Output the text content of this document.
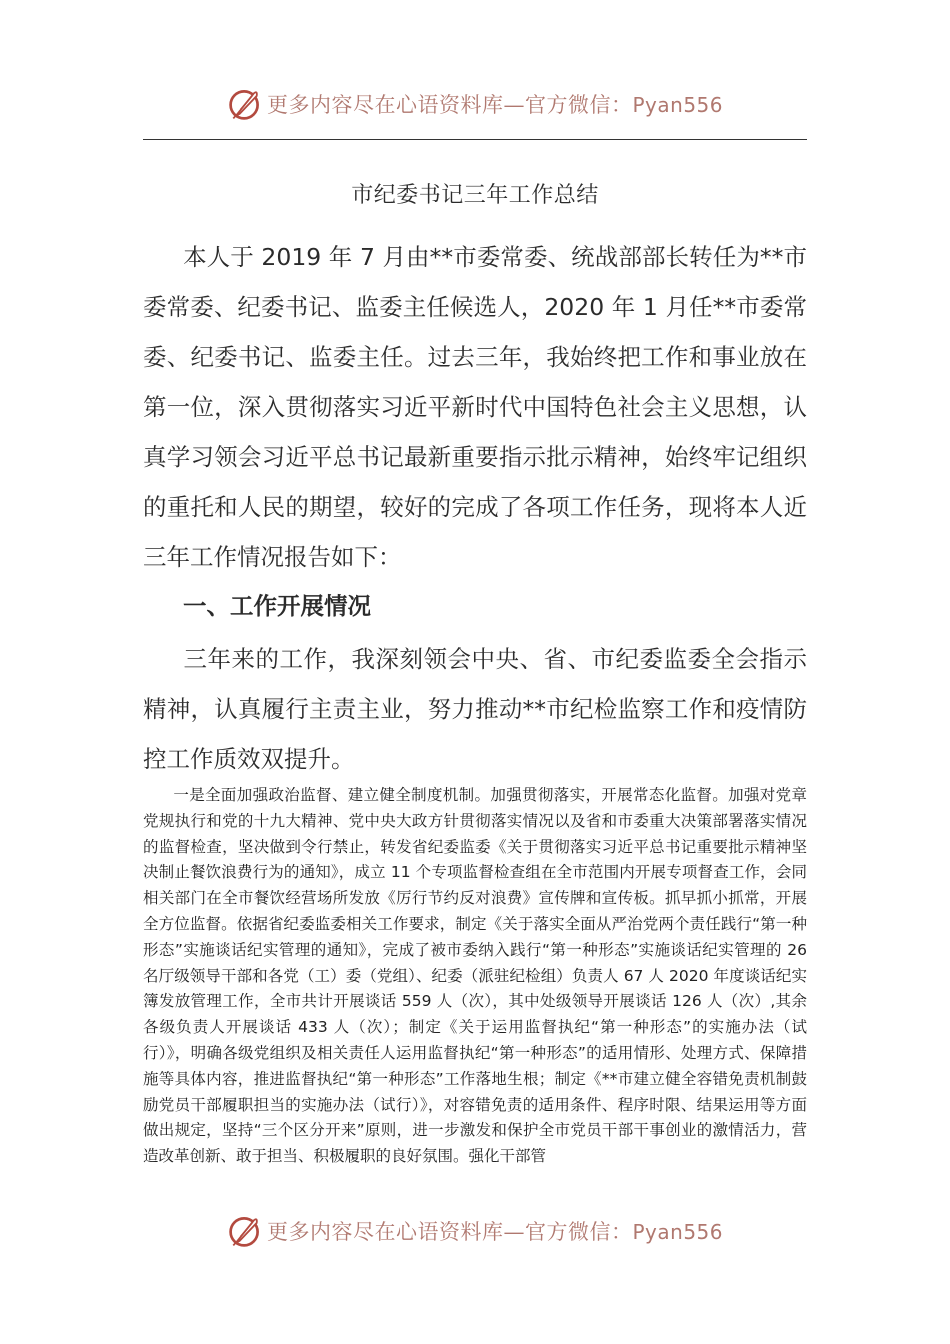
更多内容尽在心语资料库—官方微信：Pyan556
市纪委书记三年工作总结

本人于 2019 年 7 月由**市委常委、统战部部长转任为**市委常委、纪委书记、监委主任候选人，2020 年 1 月任**市委常委、纪委书记、监委主任。过去三年，我始终把工作和事业放在第一位，深入贯彻落实习近平新时代中国特色社会主义思想，认真学习领会习近平总书记最新重要指示批示精神，始终牢记组织的重托和人民的期望，较好的完成了各项工作任务，现将本人近三年工作情况报告如下：

一、工作开展情况

三年来的工作，我深刻领会中央、省、市纪委监委全会指示精神，认真履行主责主业，努力推动**市纪检监察工作和疫情防控工作质效双提升。

一是全面加强政治监督、建立健全制度机制。加强贯彻落实，开展常态化监督。加强对党章党规执行和党的十九大精神、党中央大政方针贯彻落实情况以及省和市委重大决策部署落实情况的监督检查，坚决做到令行禁止，转发省纪委监委《关于贯彻落实习近平总书记重要批示精神坚决制止餐饮浪费行为的通知》，成立 11 个专项监督检查组在全市范围内开展专项督查工作，会同相关部门在全市餐饮经营场所发放《厉行节约反对浪费》宣传牌和宣传板。抓早抓小抓常，开展全方位监督。依据省纪委监委相关工作要求，制定《关于落实全面从严治党两个责任践行“第一种形态”实施谈话纪实管理的通知》，完成了被市委纳入践行“第一种形态”实施谈话纪实管理的 26 名厅级领导干部和各党（工）委（党组）、纪委（派驻纪检组）负责人 67 人 2020 年度谈话纪实簿发放管理工作，全市共计开展谈话 559 人（次），其中处级领导开展谈话 126 人（次）,其余各级负责人开展谈话 433 人（次）；制定《关于运用监督执纪“第一种形态”的实施办法（试行）》，明确各级党组织及相关责任人运用监督执纪“第一种形态”的适用情形、处理方式、保障措施等具体内容，推进监督执纪“第一种形态”工作落地生根；制定《**市建立健全容错免责机制鼓励党员干部履职担当的实施办法（试行）》，对容错免责的适用条件、程序时限、结果运用等方面做出规定，坚持“三个区分开来”原则，进一步激发和保护全市党员干部干事创业的激情活力，营造改革创新、敢于担当、积极履职的良好氛围。强化干部管

更多内容尽在心语资料库—官方微信：Pyan556
